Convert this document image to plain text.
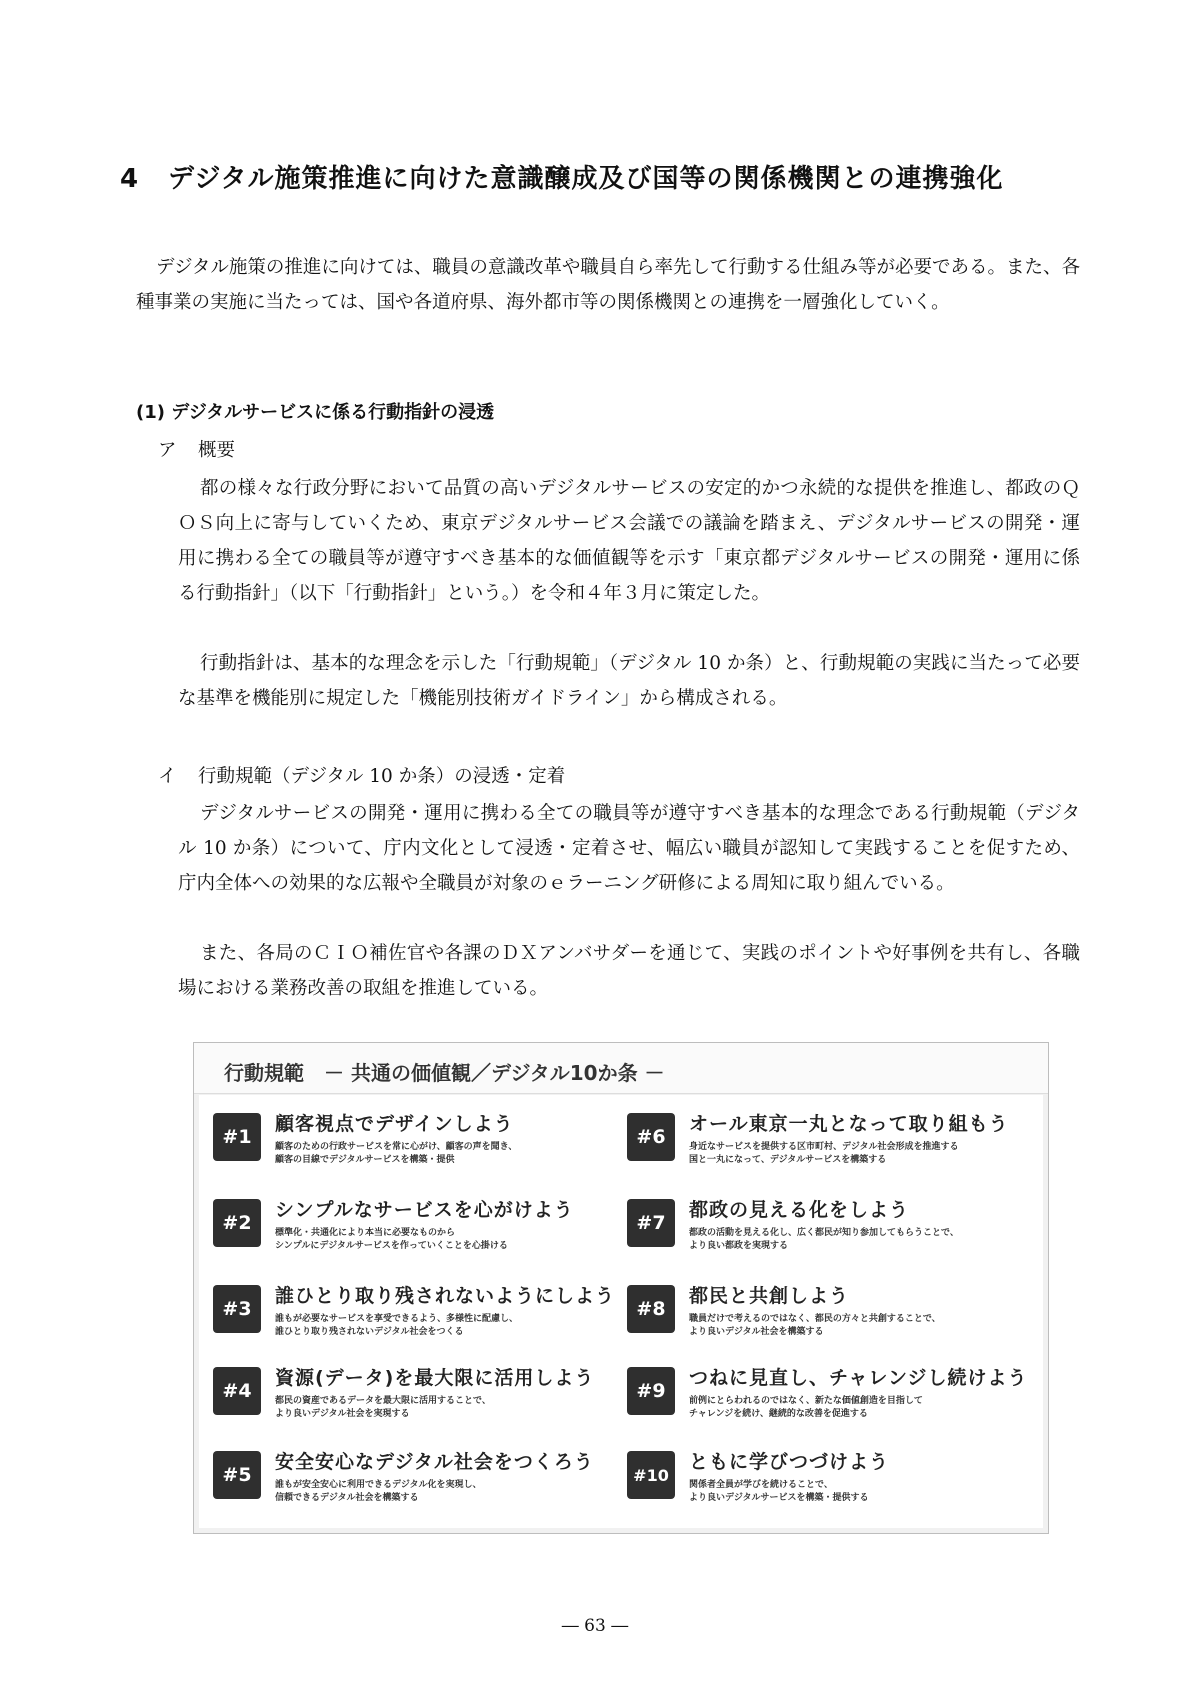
4 デジタル施策推進に向けた意識醸成及び国等の関係機関との連携強化
デジタル施策の推進に向けては、職員の意識改革や職員自ら率先して行動する仕組み等が必要である。また、各種事業の実施に当たっては、国や各道府県、海外都市等の関係機関との連携を一層強化していく。
(1) デジタルサービスに係る行動指針の浸透
ア 概要
都の様々な行政分野において品質の高いデジタルサービスの安定的かつ永続的な提供を推進し、都政のＱＯＳ向上に寄与していくため、東京デジタルサービス会議での議論を踏まえ、デジタルサービスの開発・運用に携わる全ての職員等が遵守すべき基本的な価値観等を示す「東京都デジタルサービスの開発・運用に係る行動指針」（以下「行動指針」という。）を令和４年３月に策定した。
行動指針は、基本的な理念を示した「行動規範」（デジタル 10 か条）と、行動規範の実践に当たって必要な基準を機能別に規定した「機能別技術ガイドライン」から構成される。
イ 行動規範（デジタル 10 か条）の浸透・定着
デジタルサービスの開発・運用に携わる全ての職員等が遵守すべき基本的な理念である行動規範（デジタル 10 か条）について、庁内文化として浸透・定着させ、幅広い職員が認知して実践することを促すため、庁内全体への効果的な広報や全職員が対象のｅラーニング研修による周知に取り組んでいる。
また、各局のＣＩＯ補佐官や各課のＤＸアンバサダーを通じて、実践のポイントや好事例を共有し、各職場における業務改善の取組を推進している。
行動規範　－ 共通の価値観／デジタル10か条 －
#1
顧客視点でデザインしよう
顧客のための行政サービスを常に心がけ、顧客の声を聞き、
顧客の目線でデジタルサービスを構築・提供
#2
シンプルなサービスを心がけよう
標準化・共通化により本当に必要なものから
シンプルにデジタルサービスを作っていくことを心掛ける
#3
誰ひとり取り残されないようにしよう
誰もが必要なサービスを享受できるよう、多様性に配慮し、
誰ひとり取り残されないデジタル社会をつくる
#4
資源(データ)を最大限に活用しよう
都民の資産であるデータを最大限に活用することで、
より良いデジタル社会を実現する
#5
安全安心なデジタル社会をつくろう
誰もが安全安心に利用できるデジタル化を実現し、
信頼できるデジタル社会を構築する
#6
オール東京一丸となって取り組もう
身近なサービスを提供する区市町村、デジタル社会形成を推進する
国と一丸になって、デジタルサービスを構築する
#7
都政の見える化をしよう
都政の活動を見える化し、広く都民が知り参加してもらうことで、
より良い都政を実現する
#8
都民と共創しよう
職員だけで考えるのではなく、都民の方々と共創することで、
より良いデジタル社会を構築する
#9
つねに見直し、チャレンジし続けよう
前例にとらわれるのではなく、新たな価値創造を目指して
チャレンジを続け、継続的な改善を促進する
#10
ともに学びつづけよう
関係者全員が学びを続けることで、
より良いデジタルサービスを構築・提供する
― 63 ―
